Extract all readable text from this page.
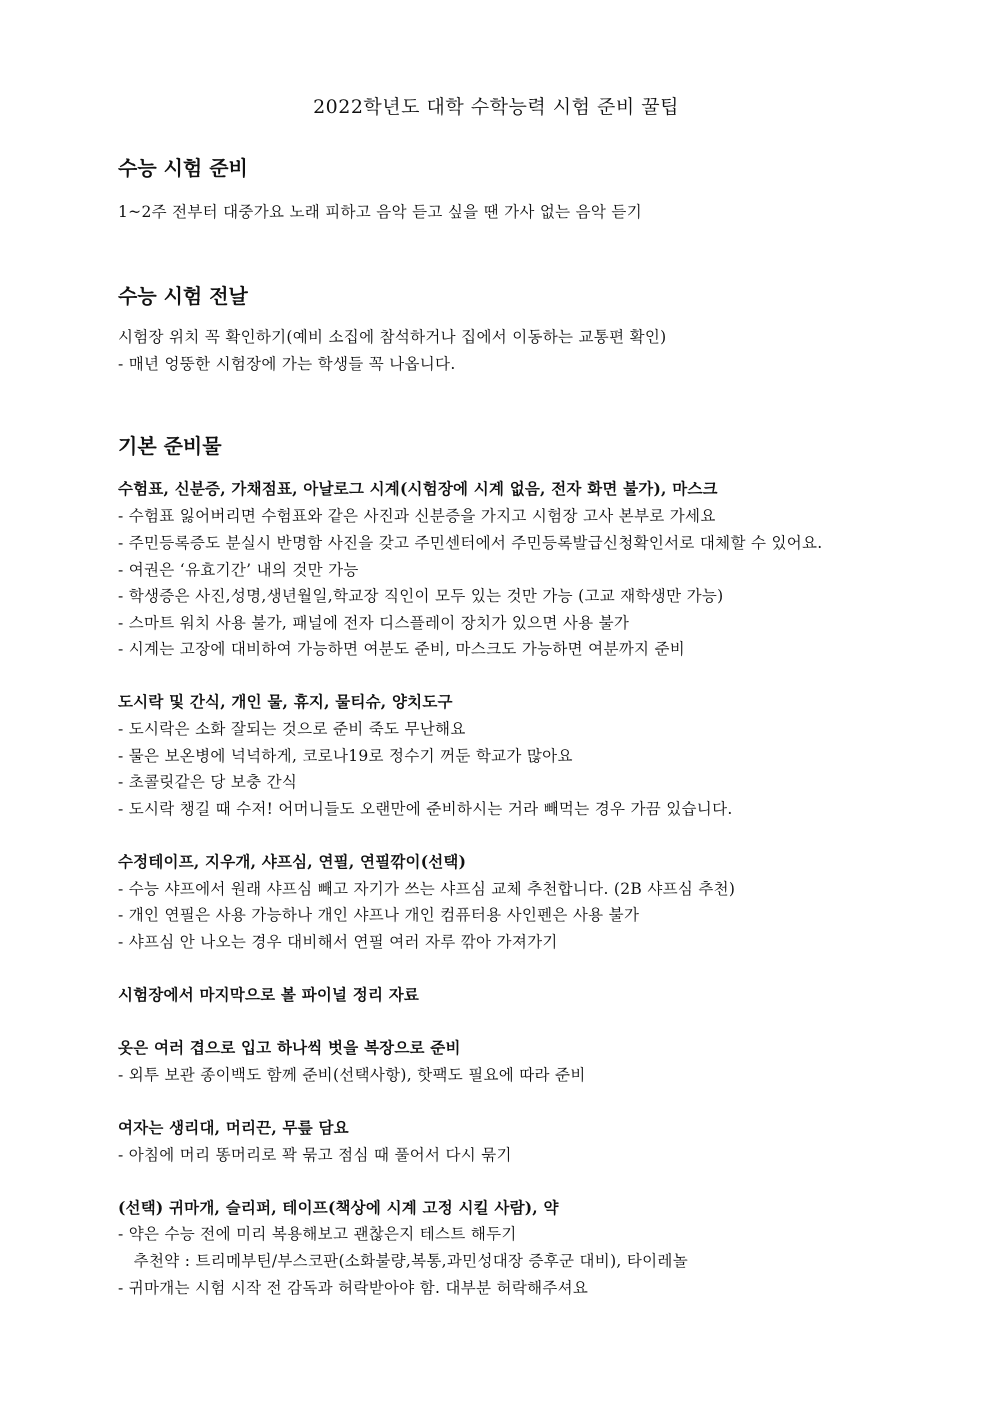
2022학년도 대학 수학능력 시험 준비 꿀팁
수능 시험 준비
1~2주 전부터 대중가요 노래 피하고 음악 듣고 싶을 땐 가사 없는 음악 듣기
수능 시험 전날
시험장 위치 꼭 확인하기(예비 소집에 참석하거나 집에서 이동하는 교통편 확인)
- 매년 엉뚱한 시험장에 가는 학생들 꼭 나옵니다.
기본 준비물
수험표, 신분증, 가채점표, 아날로그 시계(시험장에 시계 없음, 전자 화면 불가), 마스크
- 수험표 잃어버리면 수험표와 같은 사진과 신분증을 가지고 시험장 고사 본부로 가세요
- 주민등록증도 분실시 반명함 사진을 갖고 주민센터에서 주민등록발급신청확인서로 대체할 수 있어요.
- 여권은 ‘유효기간’ 내의 것만 가능
- 학생증은 사진,성명,생년월일,학교장 직인이 모두 있는 것만 가능 (고교 재학생만 가능)
- 스마트 워치 사용 불가, 패널에 전자 디스플레이 장치가 있으면 사용 불가
- 시계는 고장에 대비하여 가능하면 여분도 준비, 마스크도 가능하면 여분까지 준비
도시락 및 간식, 개인 물, 휴지, 물티슈, 양치도구
- 도시락은 소화 잘되는 것으로 준비 죽도 무난해요
- 물은 보온병에 넉넉하게, 코로나19로 정수기 꺼둔 학교가 많아요
- 초콜릿같은 당 보충 간식
- 도시락 챙길 때 수저! 어머니들도 오랜만에 준비하시는 거라 빼먹는 경우 가끔 있습니다.
수정테이프, 지우개, 샤프심, 연필, 연필깎이(선택)
- 수능 샤프에서 원래 샤프심 빼고 자기가 쓰는 샤프심 교체 추천합니다. (2B 샤프심 추천)
- 개인 연필은 사용 가능하나 개인 샤프나 개인 컴퓨터용 사인펜은 사용 불가
- 샤프심 안 나오는 경우 대비해서 연필 여러 자루 깎아 가져가기
시험장에서 마지막으로 볼 파이널 정리 자료
옷은 여러 겹으로 입고 하나씩 벗을 복장으로 준비
- 외투 보관 종이백도 함께 준비(선택사항), 핫팩도 필요에 따라 준비
여자는 생리대, 머리끈, 무릎 담요
- 아침에 머리 똥머리로 꽉 묶고 점심 때 풀어서 다시 묶기
(선택) 귀마개, 슬리퍼, 테이프(책상에 시계 고정 시킬 사람), 약
- 약은 수능 전에 미리 복용해보고 괜찮은지 테스트 해두기
추천약 : 트리메부틴/부스코판(소화불량,복통,과민성대장 증후군 대비), 타이레놀
- 귀마개는 시험 시작 전 감독과 허락받아야 함. 대부분 허락해주셔요
